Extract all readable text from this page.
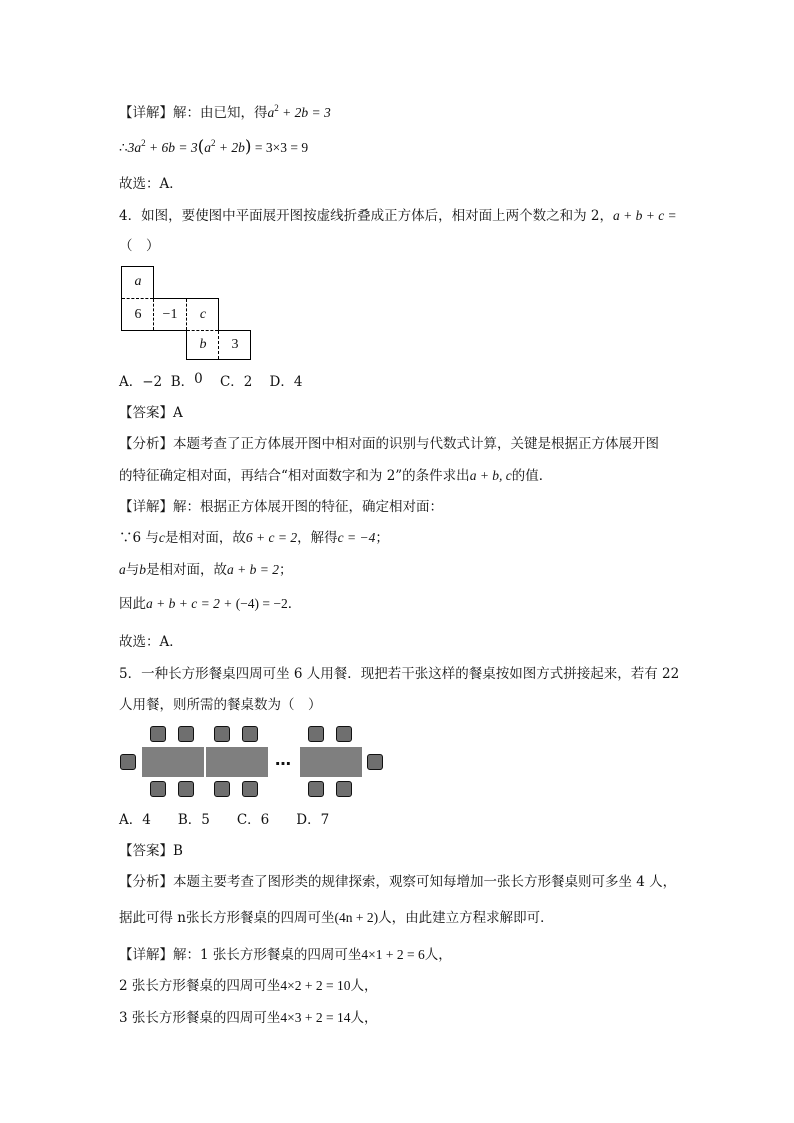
【详解】解：由已知，得$a^2 + 2b = 3$
$\therefore 3a^2 + 6b = 3(a^2 + 2b) = 3\times 3 = 9$
故选：A．
4．如图，要使图中平面展开图按虚线折叠成正方体后，相对面上两个数之和为 2，a + b + c =
（　）
a
6	−1	c
b	3
A．−2 B．0 C．2 D．4
【答案】A
【分析】本题考查了正方体展开图中相对面的识别与代数式计算，关键是根据正方体展开图
的特征确定相对面，再结合“相对面数字和为 2”的条件求出a + b, c的值．
【详解】解：根据正方体展开图的特征，确定相对面：
∵6 与c是相对面，故6 + c = 2，解得c = −4；
a与b是相对面，故a + b = 2；
因此a + b + c = 2 + (−4) = −2．
故选：A．
5．一种长方形餐桌四周可坐 6 人用餐．现把若干张这样的餐桌按如图方式拼接起来，若有 22
人用餐，则所需的餐桌数为（　）
…
A．4　　B．5　　C．6　　D．7
【答案】B
【分析】本题主要考查了图形类的规律探索，观察可知每增加一张长方形餐桌则可多坐 4 人，
据此可得 n张长方形餐桌的四周可坐(4n + 2)人，由此建立方程求解即可．
【详解】解：1 张长方形餐桌的四周可坐4×1 + 2 = 6人，
2 张长方形餐桌的四周可坐4×2 + 2 = 10人，
3 张长方形餐桌的四周可坐4×3 + 2 = 14人，
